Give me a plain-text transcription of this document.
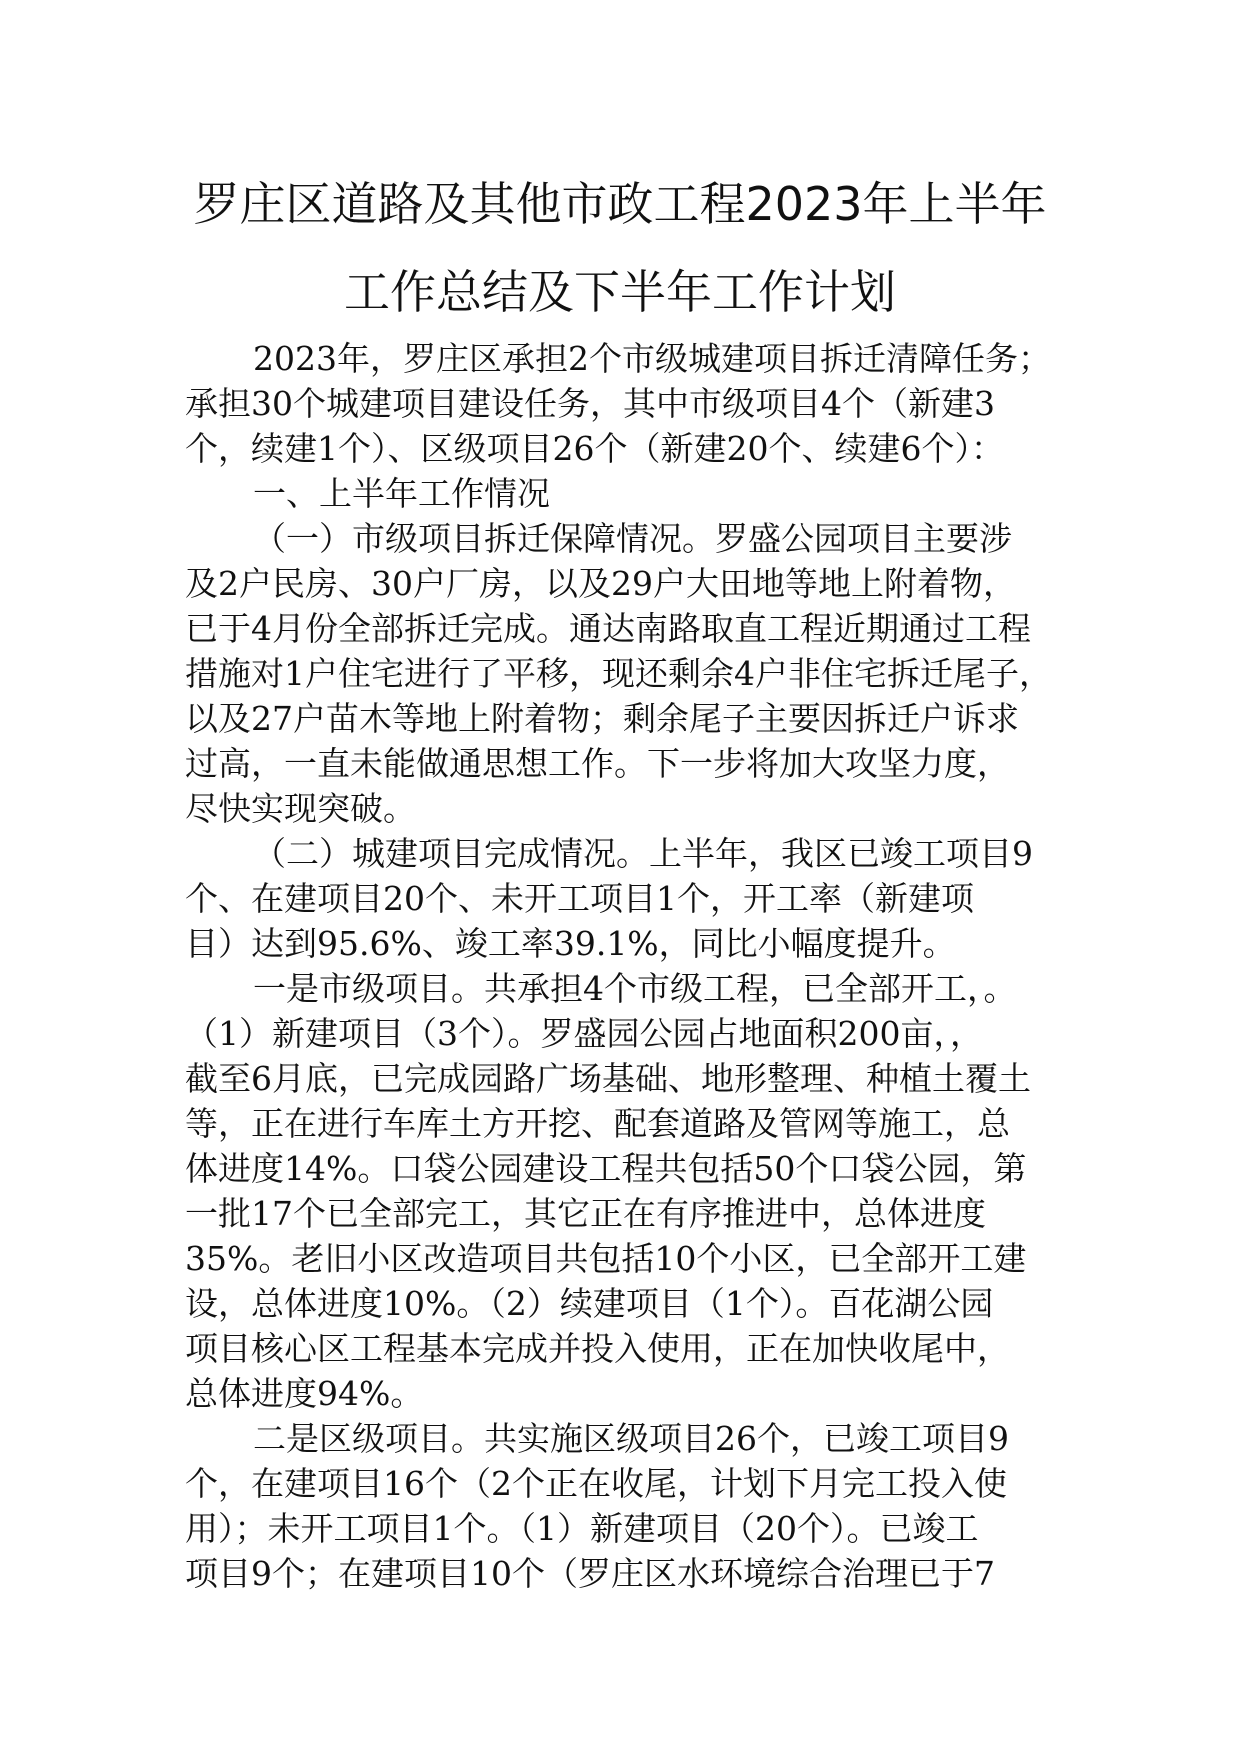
罗庄区道路及其他市政工程2023年上半年
工作总结及下半年工作计划
2023年，罗庄区承担2个市级城建项目拆迁清障任务；
承担30个城建项目建设任务，其中市级项目4个（新建3
个，续建1个）、区级项目26个（新建20个、续建6个）：
一、上半年工作情况
（一）市级项目拆迁保障情况。罗盛公园项目主要涉
及2户民房、30户厂房，以及29户大田地等地上附着物，
已于4月份全部拆迁完成。通达南路取直工程近期通过工程
措施对1户住宅进行了平移，现还剩余4户非住宅拆迁尾子，
以及27户苗木等地上附着物；剩余尾子主要因拆迁户诉求
过高，一直未能做通思想工作。下一步将加大攻坚力度，
尽快实现突破。
（二）城建项目完成情况。上半年，我区已竣工项目9
个、在建项目20个、未开工项目1个，开工率（新建项
目）达到95.6%、竣工率39.1%，同比小幅度提升。
一是市级项目。共承担4个市级工程，已全部开工，。
（1）新建项目（3个）。罗盛园公园占地面积200亩，，
截至6月底，已完成园路广场基础、地形整理、种植土覆土
等，正在进行车库土方开挖、配套道路及管网等施工，总
体进度14%。口袋公园建设工程共包括50个口袋公园，第
一批17个已全部完工，其它正在有序推进中，总体进度
35%。老旧小区改造项目共包括10个小区，已全部开工建
设，总体进度10%。（2）续建项目（1个）。百花湖公园
项目核心区工程基本完成并投入使用，正在加快收尾中，
总体进度94%。
二是区级项目。共实施区级项目26个，已竣工项目9
个，在建项目16个（2个正在收尾，计划下月完工投入使
用）；未开工项目1个。（1）新建项目（20个）。已竣工
项目9个；在建项目10个（罗庄区水环境综合治理已于7
